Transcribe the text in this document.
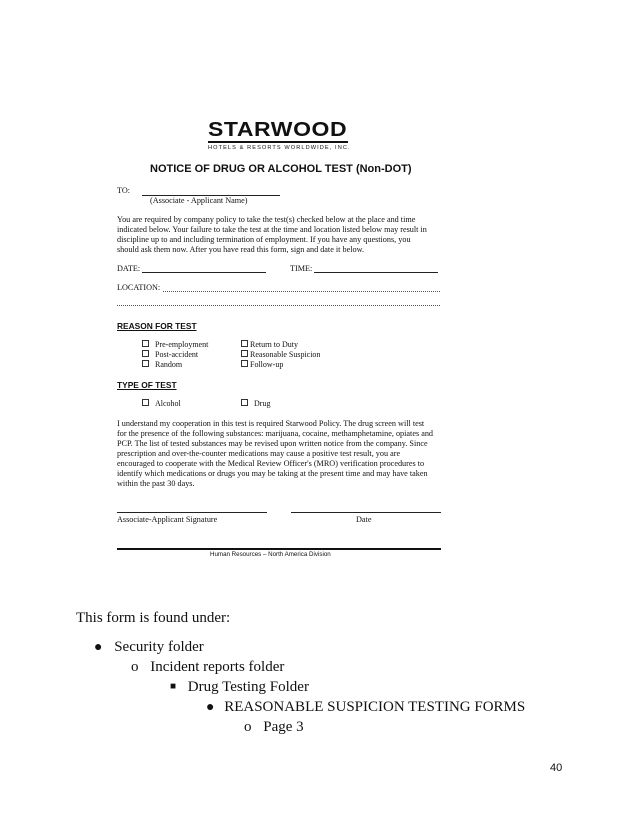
STARWOOD
HOTELS & RESORTS WORLDWIDE, INC.
NOTICE OF DRUG OR ALCOHOL TEST (Non-DOT)
TO:
(Associate - Applicant Name)
You are required by company policy to take the test(s) checked below at the place and time
indicated below. Your failure to take the test at the time and location listed below may result in
discipline up to and including termination of employment. If you have any questions, you
should ask them now. After you have read this form, sign and date it below.
DATE:	TIME:
LOCATION:
REASON FOR TEST
Pre-employment
Post-accident
Random
Return to Duty
Reasonable Suspicion
Follow-up
TYPE OF TEST
Alcohol	Drug
I understand my cooperation in this test is required Starwood Policy. The drug screen will test
for the presence of the following substances: marijuana, cocaine, methamphetamine, opiates and
PCP. The list of tested substances may be revised upon written notice from the company. Since
prescription and over-the-counter medications may cause a positive test result, you are
encouraged to cooperate with the Medical Review Officer's (MRO) verification procedures to
identify which medications or drugs you may be taking at the present time and may have taken
within the past 30 days.
Associate-Applicant Signature	Date
Human Resources – North America Division
This form is found under:
● Security folder
o Incident reports folder
■ Drug Testing Folder
● REASONABLE SUSPICION TESTING FORMS
o Page 3
40
